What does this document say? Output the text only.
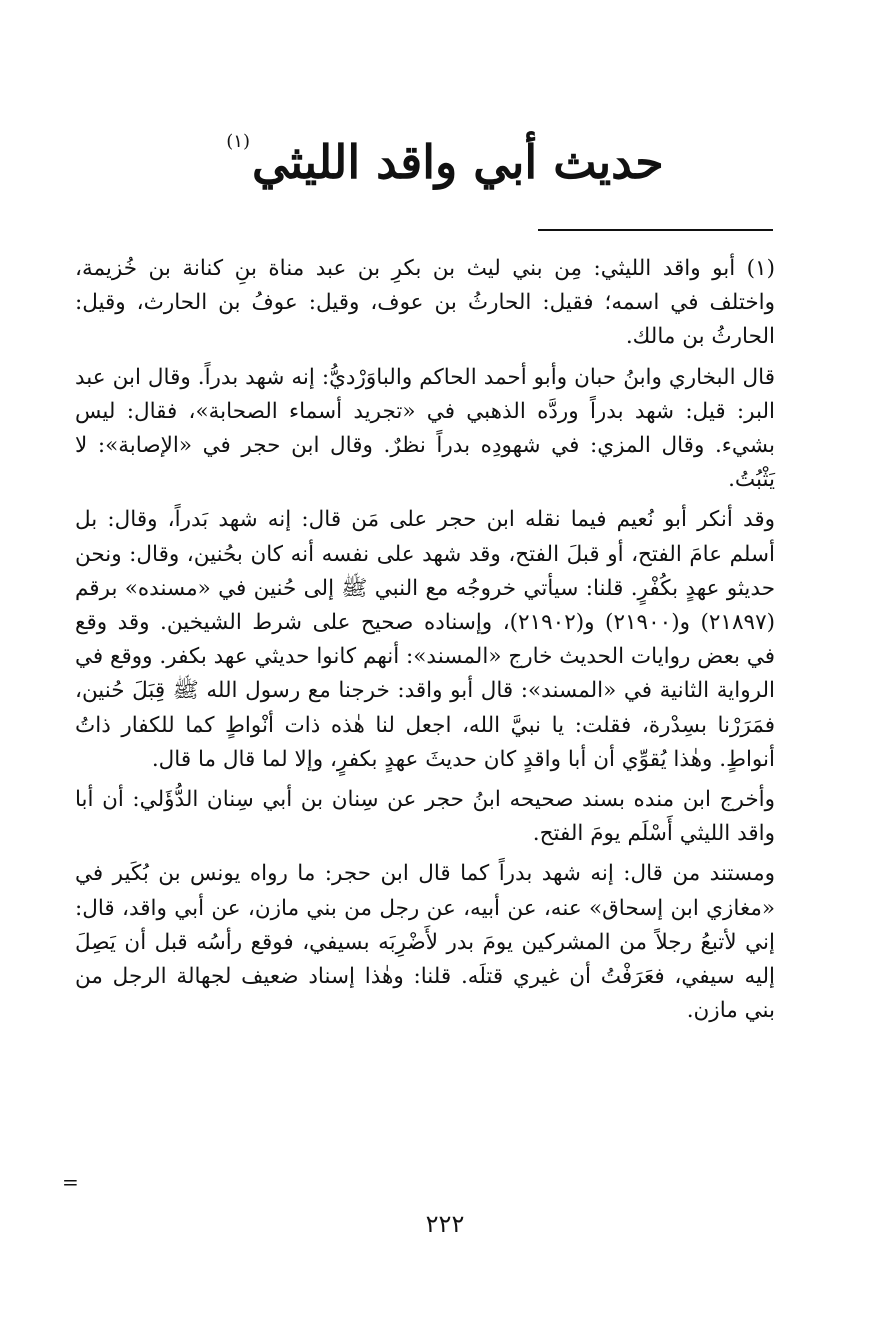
حديث أبي واقد الليثي$^{(١)}$

(١) أبو واقد الليثي: مِن بني ليث بن بكرِ بن عبد مناة بنِ كنانة بن خُزيمة، واختلف في اسمه؛ فقيل: الحارثُ بن عوف، وقيل: عوفُ بن الحارث، وقيل: الحارثُ بن مالك.

قال البخاري وابنُ حبان وأبو أحمد الحاكم والباوَرْديُّ: إنه شهد بدراً. وقال ابن عبد البر: قيل: شهد بدراً وردَّه الذهبي في «تجريد أسماء الصحابة»، فقال: ليس بشيء. وقال المزي: في شهودِه بدراً نظرٌ. وقال ابن حجر في «الإصابة»: لا يَثْبُتُ.

وقد أنكر أبو نُعيم فيما نقله ابن حجر على مَن قال: إنه شهد بَدراً، وقال: بل أسلم عامَ الفتح، أو قبلَ الفتح، وقد شهد على نفسه أنه كان بحُنين، وقال: ونحن حديثو عهدٍ بكُفْرٍ. قلنا: سيأتي خروجُه مع النبي ﷺ إلى حُنين في «مسنده» برقم (٢١٨٩٧) و(٢١٩٠٠) و(٢١٩٠٢)، وإسناده صحيح على شرط الشيخين. وقد وقع في بعض روايات الحديث خارج «المسند»: أنهم كانوا حديثي عهد بكفر. ووقع في الرواية الثانية في «المسند»: قال أبو واقد: خرجنا مع رسول الله ﷺ قِبَلَ حُنين، فمَرَرْنا بسِدْرة، فقلت: يا نبيَّ الله، اجعل لنا هٰذه ذات أنْواطٍ كما للكفار ذاتُ أنواطٍ. وهٰذا يُقوِّي أن أبا واقدٍ كان حديثَ عهدٍ بكفرٍ، وإلا لما قال ما قال.

وأخرج ابن منده بسند صحيحه ابنُ حجر عن سِنان بن أبي سِنان الدُّؤَلي: أن أبا واقد الليثي أَسْلَم يومَ الفتح.

ومستند من قال: إنه شهد بدراً كما قال ابن حجر: ما رواه يونس بن بُكَير في «مغازي ابن إسحاق» عنه، عن أبيه، عن رجل من بني مازن، عن أبي واقد، قال: إني لأتبعُ رجلاً من المشركين يومَ بدر لأَضْرِبَه بسيفي، فوقع رأسُه قبل أن يَصِلَ إليه سيفي، فعَرَفْتُ أن غيري قتلَه. قلنا: وهٰذا إسناد ضعيف لجهالة الرجل من بني مازن.

=
٢٢٢
